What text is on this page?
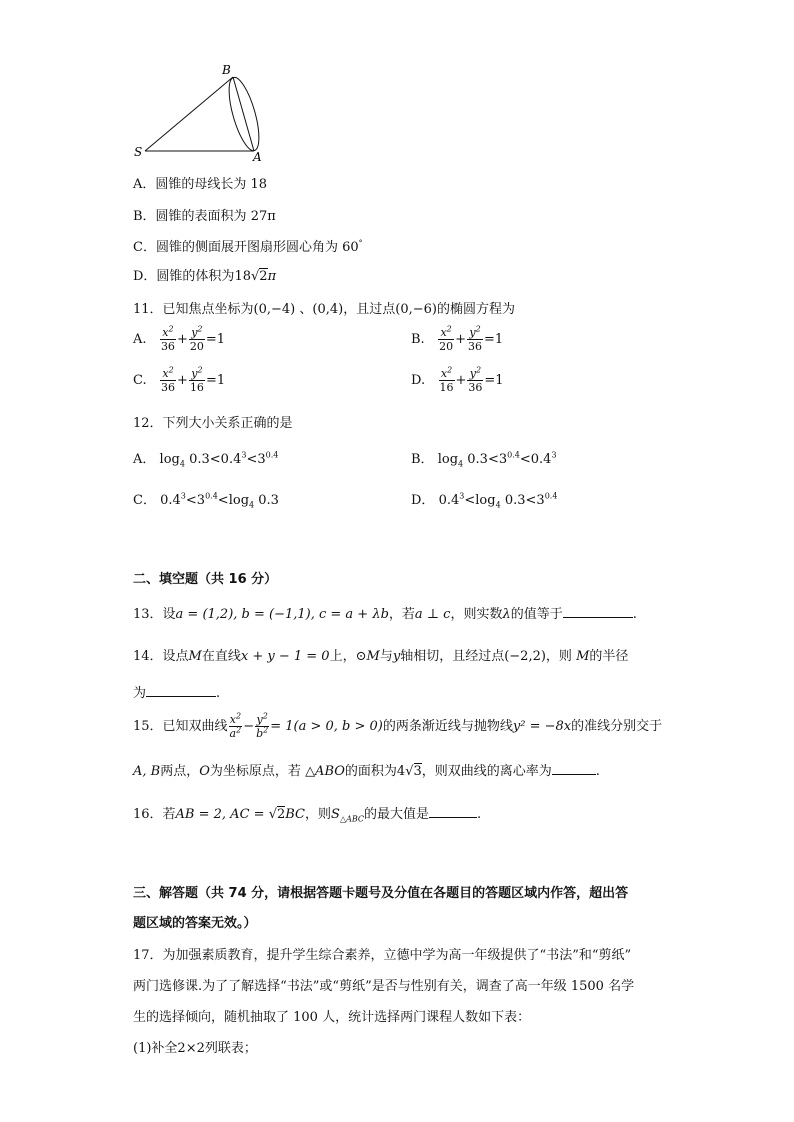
B
S	A
A．圆锥的母线长为 18
B．圆锥的表面积为 27π
C．圆锥的侧面展开图扇形圆心角为 60°
D．圆锥的体积为18√2π
11．已知焦点坐标为(0,−4) 、(0,4)，且过点(0,−6)的椭圆方程为
A. $\frac{x^2}{36} + \frac{y^2}{20} =1$	B. $\frac{x^2}{20} + \frac{y^2}{36} =1$
C. $\frac{x^2}{36} + \frac{y^2}{16} =1$	D. $\frac{x^2}{16} + \frac{y^2}{36} =1$
12．下列大小关系正确的是
A． $\log_4 0.3<0.4^3<3^{0.4}$	B． $\log_4 0.3<3^{0.4}<0.4^3$
C． $0.4^3<3^{0.4}<\log_4$ 0.3	D． $0.4^3<\log_4$ $0.3<3^{0.4}$
二、填空题（共 16 分）
13．设a = (1,2), b = (−1,1), c = a + λb，若a ⊥ c，则实数λ的值等于	.
14．设点M在直线x + y − 1 = 0上，⊙M与y轴相切，且经过点(−2,2)，则 M的半径
为	.
15．已知双曲线 $\frac{x^2}{a^2} - \frac{y^2}{b^2} = 1(a > 0$, b > 0)的两条渐近线与抛物线y² = −8x的准线分别交于
A, B两点，O为坐标原点，若 △ABO的面积为4√3，则双曲线的离心率为	.
16．若AB = 2, AC = √2BC，则$S_{\triangle ABC}$的最大值是	.
三、解答题（共 74 分，请根据答题卡题号及分值在各题目的答题区域内作答，超出答
题区域的答案无效。）
17．为加强素质教育，提升学生综合素养，立德中学为高一年级提供了“书法”和“剪纸”
两门选修课.为了了解选择“书法”或“剪纸”是否与性别有关，调查了高一年级 1500 名学
生的选择倾向，随机抽取了 100 人，统计选择两门课程人数如下表：
(1)补全2×2列联表；
